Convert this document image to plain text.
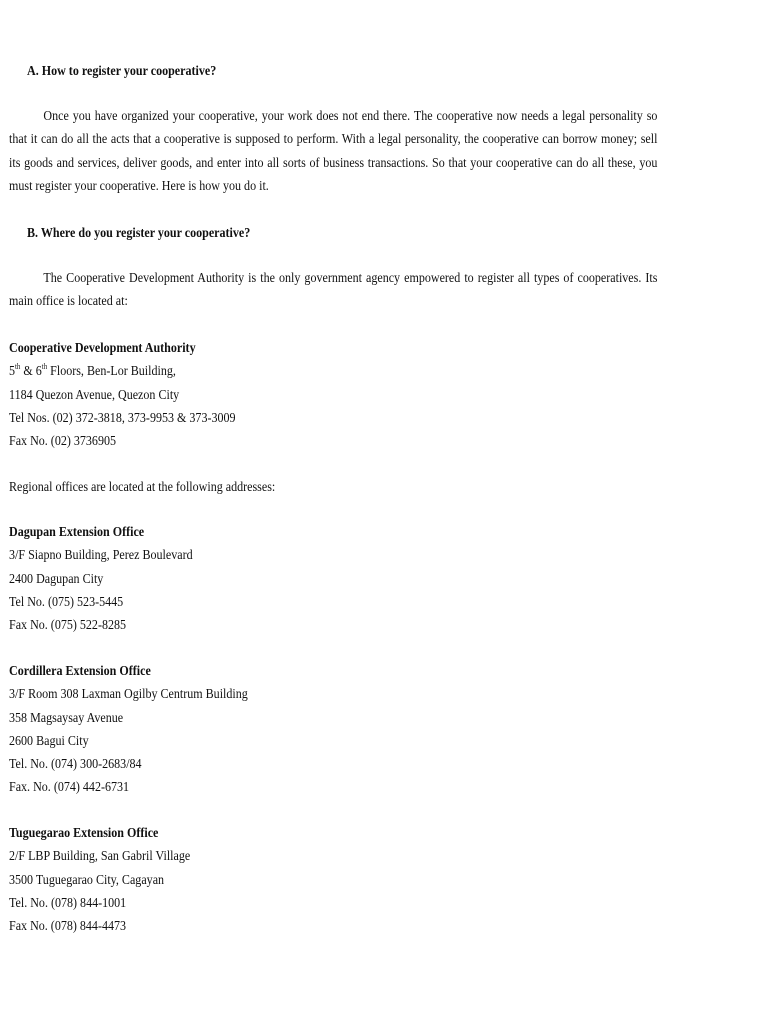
A. How to register your cooperative?
Once you have organized your cooperative, your work does not end there. The cooperative now needs a legal personality so that it can do all the acts that a cooperative is supposed to perform. With a legal personality, the cooperative can borrow money; sell its goods and services, deliver goods, and enter into all sorts of business transactions. So that your cooperative can do all these, you must register your cooperative. Here is how you do it.
B. Where do you register your cooperative?
The Cooperative Development Authority is the only government agency empowered to register all types of cooperatives. Its main office is located at:
Cooperative Development Authority
5th & 6th Floors, Ben-Lor Building,
1184 Quezon Avenue, Quezon City
Tel Nos. (02) 372-3818, 373-9953 & 373-3009
Fax No. (02) 3736905
Regional offices are located at the following addresses:
Dagupan Extension Office
3/F Siapno Building, Perez Boulevard
2400 Dagupan City
Tel No. (075) 523-5445
Fax No. (075) 522-8285
Cordillera Extension Office
3/F Room 308 Laxman Ogilby Centrum Building
358 Magsaysay Avenue
2600 Bagui City
Tel. No. (074) 300-2683/84
Fax. No. (074) 442-6731
Tuguegarao Extension Office
2/F LBP Building, San Gabril Village
3500 Tuguegarao City, Cagayan
Tel. No. (078) 844-1001
Fax No. (078) 844-4473
